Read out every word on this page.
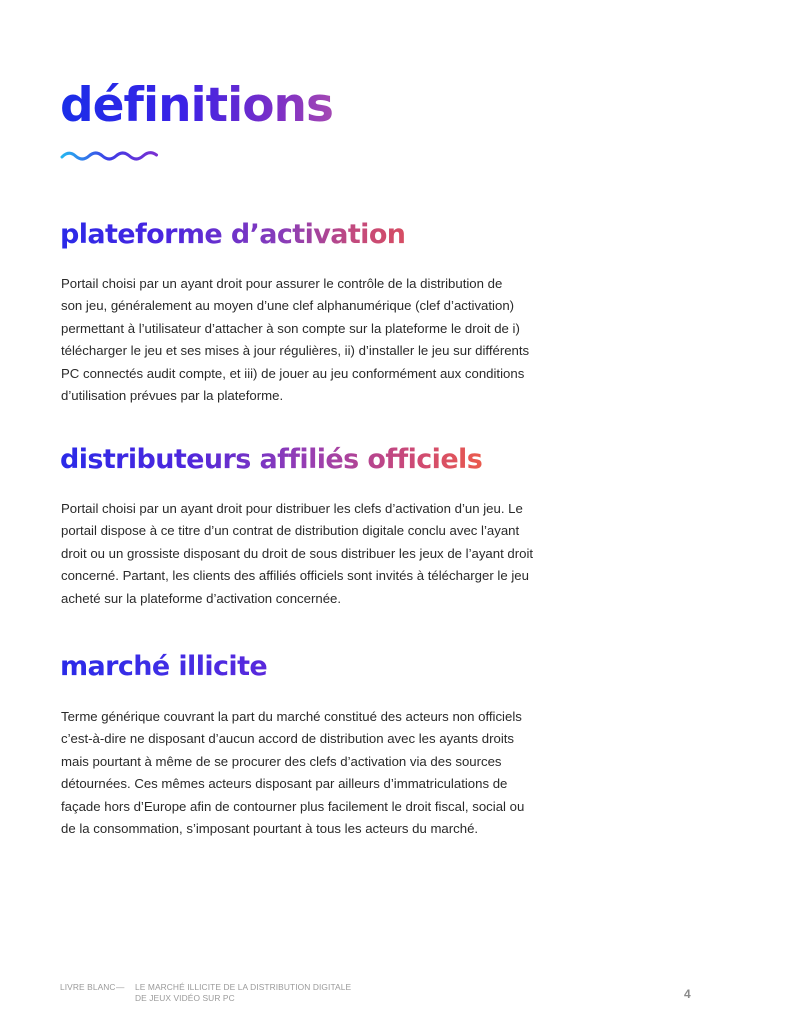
définitions
plateforme d’activation

Portail choisi par un ayant droit pour assurer le contrôle de la distribution de
son jeu, généralement au moyen d’une clef alphanumérique (clef d’activation)
permettant à l’utilisateur d’attacher à son compte sur la plateforme le droit de i)
télécharger le jeu et ses mises à jour régulières, ii) d’installer le jeu sur différents
PC connectés audit compte, et iii) de jouer au jeu conformément aux conditions
d’utilisation prévues par la plateforme.

distributeurs affiliés officiels

Portail choisi par un ayant droit pour distribuer les clefs d’activation d’un jeu. Le
portail dispose à ce titre d’un contrat de distribution digitale conclu avec l’ayant
droit ou un grossiste disposant du droit de sous distribuer les jeux de l’ayant droit
concerné. Partant, les clients des affiliés officiels sont invités à télécharger le jeu
acheté sur la plateforme d’activation concernée.

marché illicite

Terme générique couvrant la part du marché constitué des acteurs non officiels
c’est-à-dire ne disposant d’aucun accord de distribution avec les ayants droits
mais pourtant à même de se procurer des clefs d’activation via des sources
détournées. Ces mêmes acteurs disposant par ailleurs d’immatriculations de
façade hors d’Europe afin de contourner plus facilement le droit fiscal, social ou
de la consommation, s’imposant pourtant à tous les acteurs du marché.

LIVRE BLANC — LE MARCHÉ ILLICITE DE LA DISTRIBUTION DIGITALE
DE JEUX VIDÉO SUR PC	4
